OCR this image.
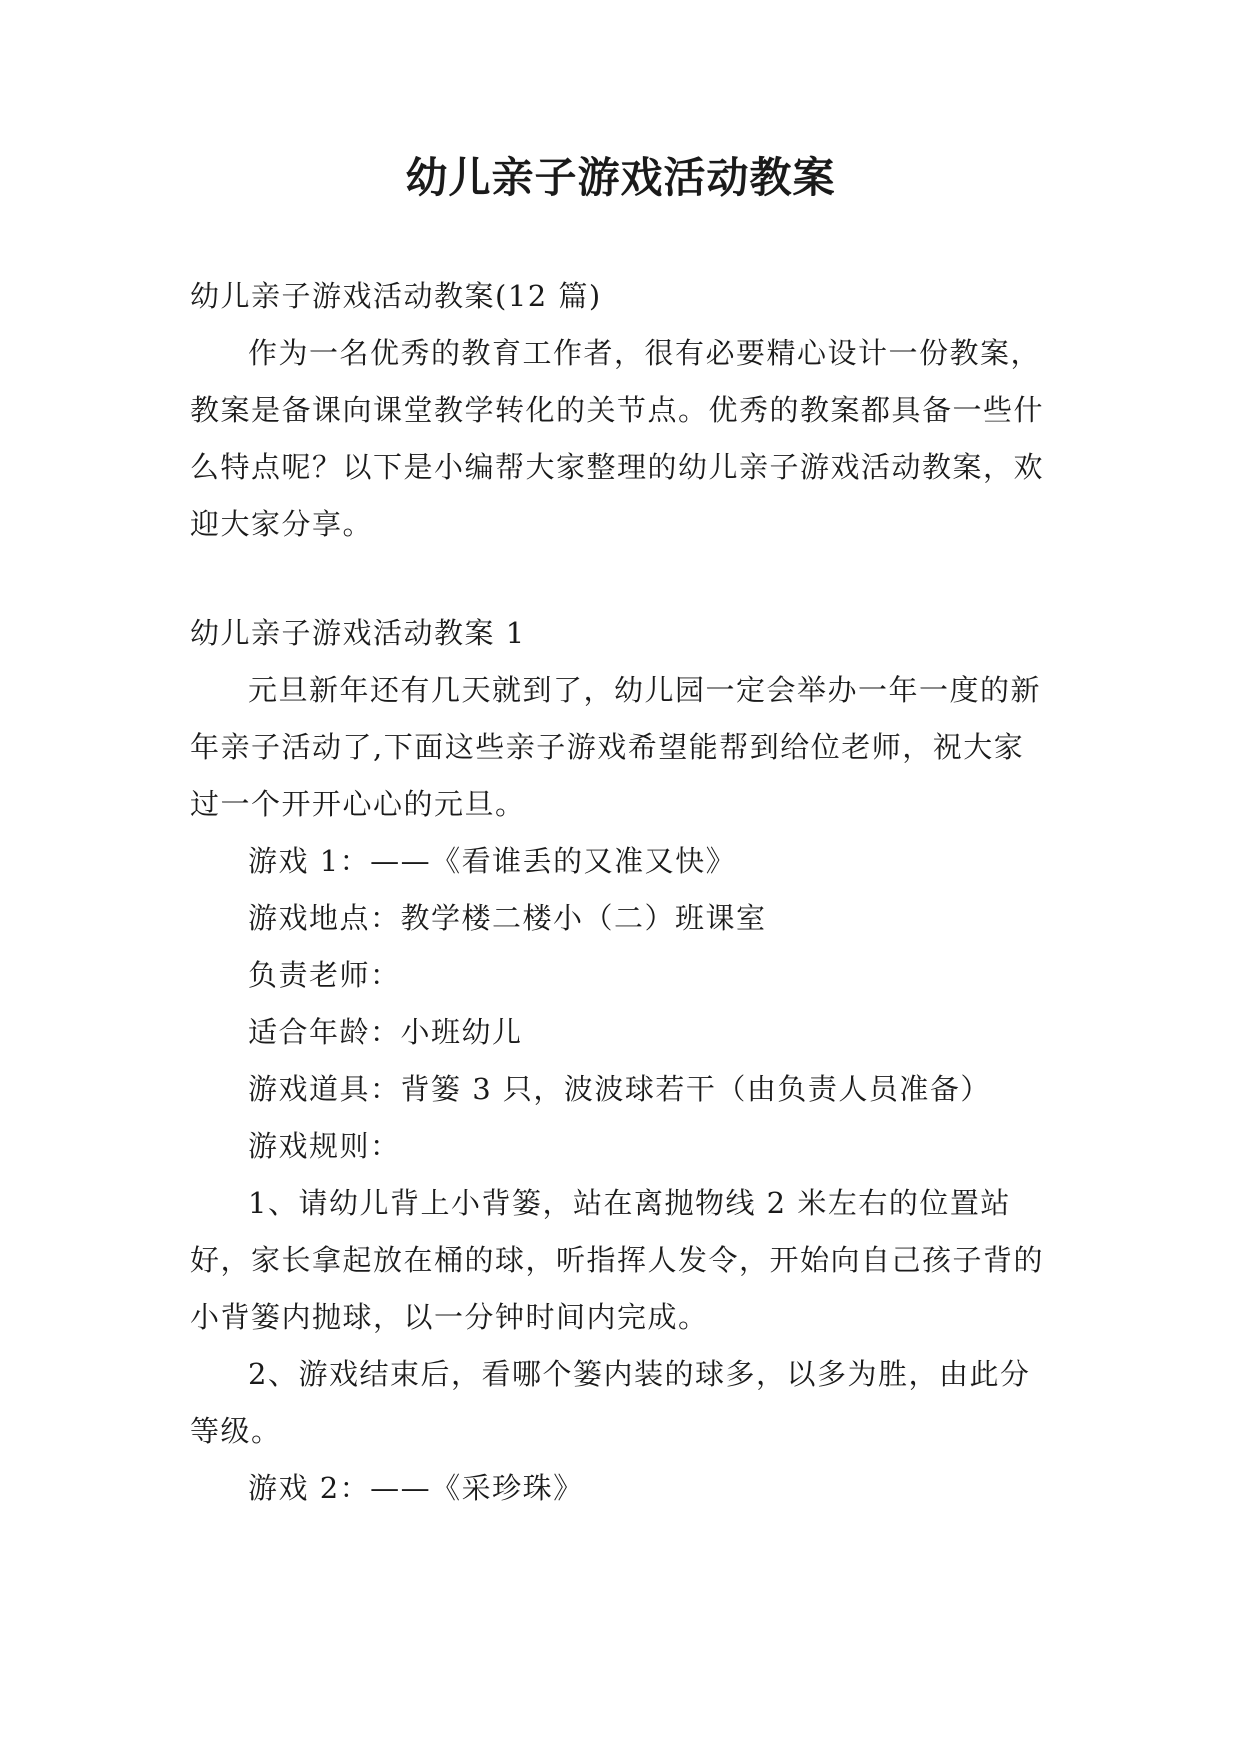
幼儿亲子游戏活动教案

幼儿亲子游戏活动教案(12 篇)

作为一名优秀的教育工作者，很有必要精心设计一份教案，教案是备课向课堂教学转化的关节点。优秀的教案都具备一些什么特点呢？以下是小编帮大家整理的幼儿亲子游戏活动教案，欢迎大家分享。

幼儿亲子游戏活动教案 1

元旦新年还有几天就到了，幼儿园一定会举办一年一度的新年亲子活动了,下面这些亲子游戏希望能帮到给位老师，祝大家过一个开开心心的元旦。

游戏 1：——《看谁丢的又准又快》

游戏地点：教学楼二楼小（二）班课室

负责老师：

适合年龄：小班幼儿

游戏道具：背篓 3 只，波波球若干（由负责人员准备）

游戏规则：

1、请幼儿背上小背篓，站在离抛物线 2 米左右的位置站好，家长拿起放在桶的球，听指挥人发令，开始向自己孩子背的小背篓内抛球，以一分钟时间内完成。

2、游戏结束后，看哪个篓内装的球多，以多为胜，由此分等级。

游戏 2：——《采珍珠》
